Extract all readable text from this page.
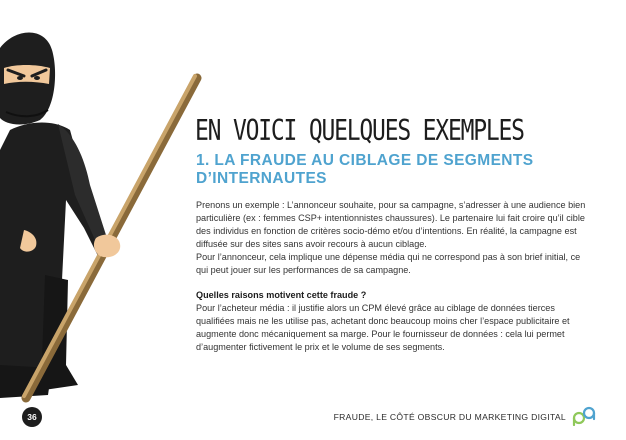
EN VOICI QUELQUES EXEMPLES
1. LA FRAUDE AU CIBLAGE DE SEGMENTS
D’INTERNAUTES

Prenons un exemple : L’annonceur souhaite, pour sa campagne, s’adresser à une audience bien particulière (ex : femmes CSP+ intentionnistes chaussures). Le partenaire lui fait croire qu’il cible des individus en fonction de critères socio-démo et/ou d’intentions. En réalité, la campagne est diffusée sur des sites sans avoir recours à aucun ciblage.

Pour l’annonceur, cela implique une dépense média qui ne correspond pas à son brief initial, ce qui peut jouer sur les performances de sa campagne.

Quelles raisons motivent cette fraude ?
Pour l’acheteur média : il justifie alors un CPM élevé grâce au ciblage de données tierces qualifiées mais ne les utilise pas, achetant donc beaucoup moins cher l’espace publicitaire et augmente donc mécaniquement sa marge. Pour le fournisseur de données : cela lui permet d’augmenter fictivement le prix et le volume de ses segments.
36	FRAUDE, LE CÔTÉ OBSCUR DU MARKETING DIGITAL
